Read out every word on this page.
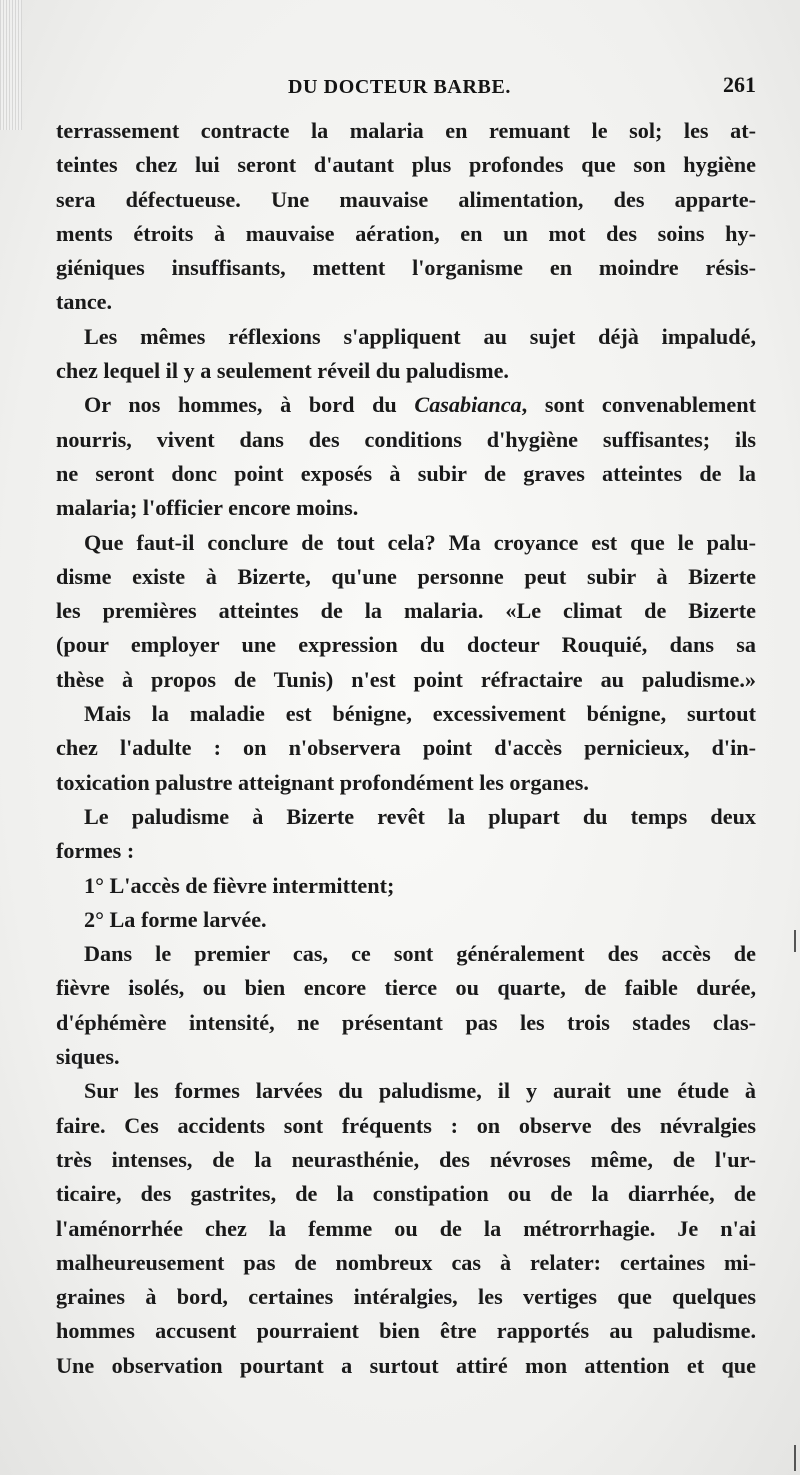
DU DOCTEUR BARBE.	261
terrassement contracte la malaria en remuant le sol; les at-
teintes chez lui seront d'autant plus profondes que son hygiène
sera défectueuse. Une mauvaise alimentation, des apparte-
ments étroits à mauvaise aération, en un mot des soins hy-
giéniques insuffisants, mettent l'organisme en moindre résis-
tance.
Les mêmes réflexions s'appliquent au sujet déjà impaludé,
chez lequel il y a seulement réveil du paludisme.
Or nos hommes, à bord du Casabianca, sont convenablement
nourris, vivent dans des conditions d'hygiène suffisantes; ils
ne seront donc point exposés à subir de graves atteintes de la
malaria; l'officier encore moins.
Que faut-il conclure de tout cela? Ma croyance est que le palu-
disme existe à Bizerte, qu'une personne peut subir à Bizerte
les premières atteintes de la malaria. «Le climat de Bizerte
(pour employer une expression du docteur Rouquié, dans sa
thèse à propos de Tunis) n'est point réfractaire au paludisme.»
Mais la maladie est bénigne, excessivement bénigne, surtout
chez l'adulte : on n'observera point d'accès pernicieux, d'in-
toxication palustre atteignant profondément les organes.
Le paludisme à Bizerte revêt la plupart du temps deux
formes :
1° L'accès de fièvre intermittent;
2° La forme larvée.
Dans le premier cas, ce sont généralement des accès de
fièvre isolés, ou bien encore tierce ou quarte, de faible durée,
d'éphémère intensité, ne présentant pas les trois stades clas-
siques.
Sur les formes larvées du paludisme, il y aurait une étude à
faire. Ces accidents sont fréquents : on observe des névralgies
très intenses, de la neurasthénie, des névroses même, de l'ur-
ticaire, des gastrites, de la constipation ou de la diarrhée, de
l'aménorrhée chez la femme ou de la métrorrhagie. Je n'ai
malheureusement pas de nombreux cas à relater: certaines mi-
graines à bord, certaines intéralgies, les vertiges que quelques
hommes accusent pourraient bien être rapportés au paludisme.
Une observation pourtant a surtout attiré mon attention et que
